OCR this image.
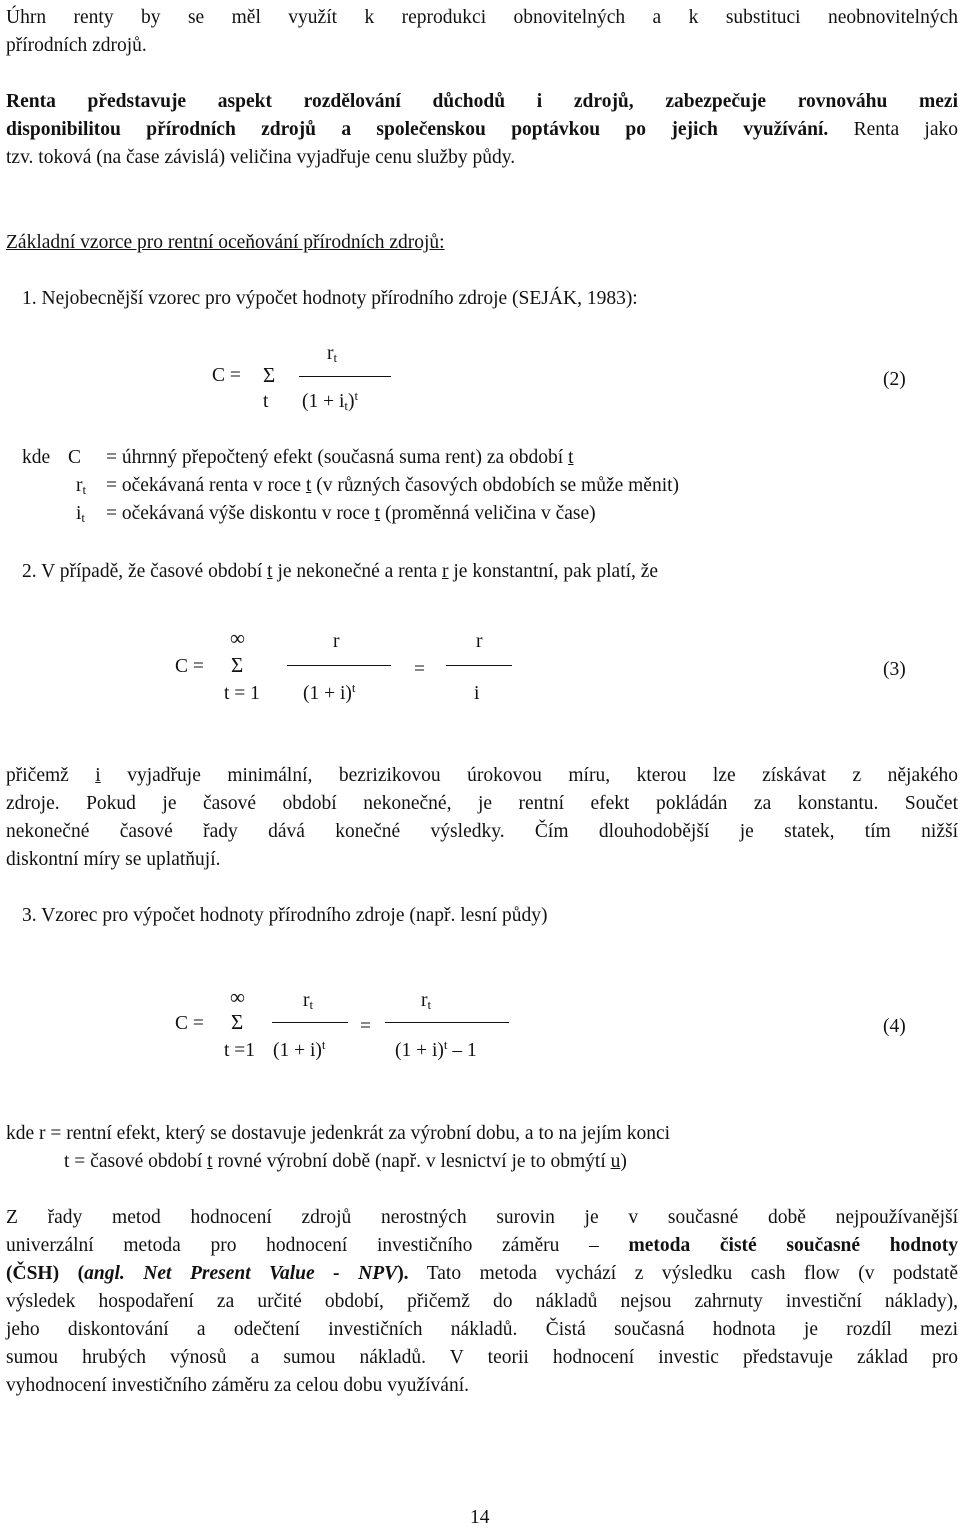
Úhrn renty by se měl využít k reprodukci obnovitelných a k substituci neobnovitelných
přírodních zdrojů.
Renta představuje aspekt rozdělování důchodů i zdrojů, zabezpečuje rovnováhu mezi
disponibilitou přírodních zdrojů a společenskou poptávkou po jejich využívání. Renta jako
tzv. toková (na čase závislá) veličina vyjadřuje cenu služby půdy.
Základní vzorce pro rentní oceňování přírodních zdrojů:
1. Nejobecnější vzorec pro výpočet hodnoty přírodního zdroje (SEJÁK, 1983):
$r_t$
C = Σ
t $(1 + i_t)^t$
(2)
kde C = úhrnný přepočtený efekt (současná suma rent) za období t
$r_t$ = očekávaná renta v roce t (v různých časových obdobích se může měnit)
$i_t$ = očekávaná výše diskontu v roce t (proměnná veličina v čase)
2. V případě, že časové období t je nekonečné a renta r je konstantní, pak platí, že
∞	r	r
C = Σ	=	(3)
t = 1 $(1 + i)^t$	i
přičemž i vyjadřuje minimální, bezrizikovou úrokovou míru, kterou lze získávat z nějakého
zdroje. Pokud je časové období nekonečné, je rentní efekt pokládán za konstantu. Součet
nekonečné časové řady dává konečné výsledky. Čím dlouhodobější je statek, tím nižší
diskontní míry se uplatňují.
3. Vzorec pro výpočet hodnoty přírodního zdroje (např. lesní půdy)
∞	$r_t$	$r_t$
C = Σ	=	(4)
t =1 $(1 + i)^t$	$(1 + i)^t - 1$
kde r = rentní efekt, který se dostavuje jedenkrát za výrobní dobu, a to na jejím konci
t = časové období t rovné výrobní době (např. v lesnictví je to obmýtí u)
Z řady metod hodnocení zdrojů nerostných surovin je v současné době nejpoužívanější
univerzální metoda pro hodnocení investičního záměru – metoda čisté současné hodnoty
(ČSH) (angl. Net Present Value - NPV). Tato metoda vychází z výsledku cash flow (v podstatě
výsledek hospodaření za určité období, přičemž do nákladů nejsou zahrnuty investiční náklady),
jeho diskontování a odečtení investičních nákladů. Čistá současná hodnota je rozdíl mezi
sumou hrubých výnosů a sumou nákladů. V teorii hodnocení investic představuje základ pro
vyhodnocení investičního záměru za celou dobu využívání.
14
